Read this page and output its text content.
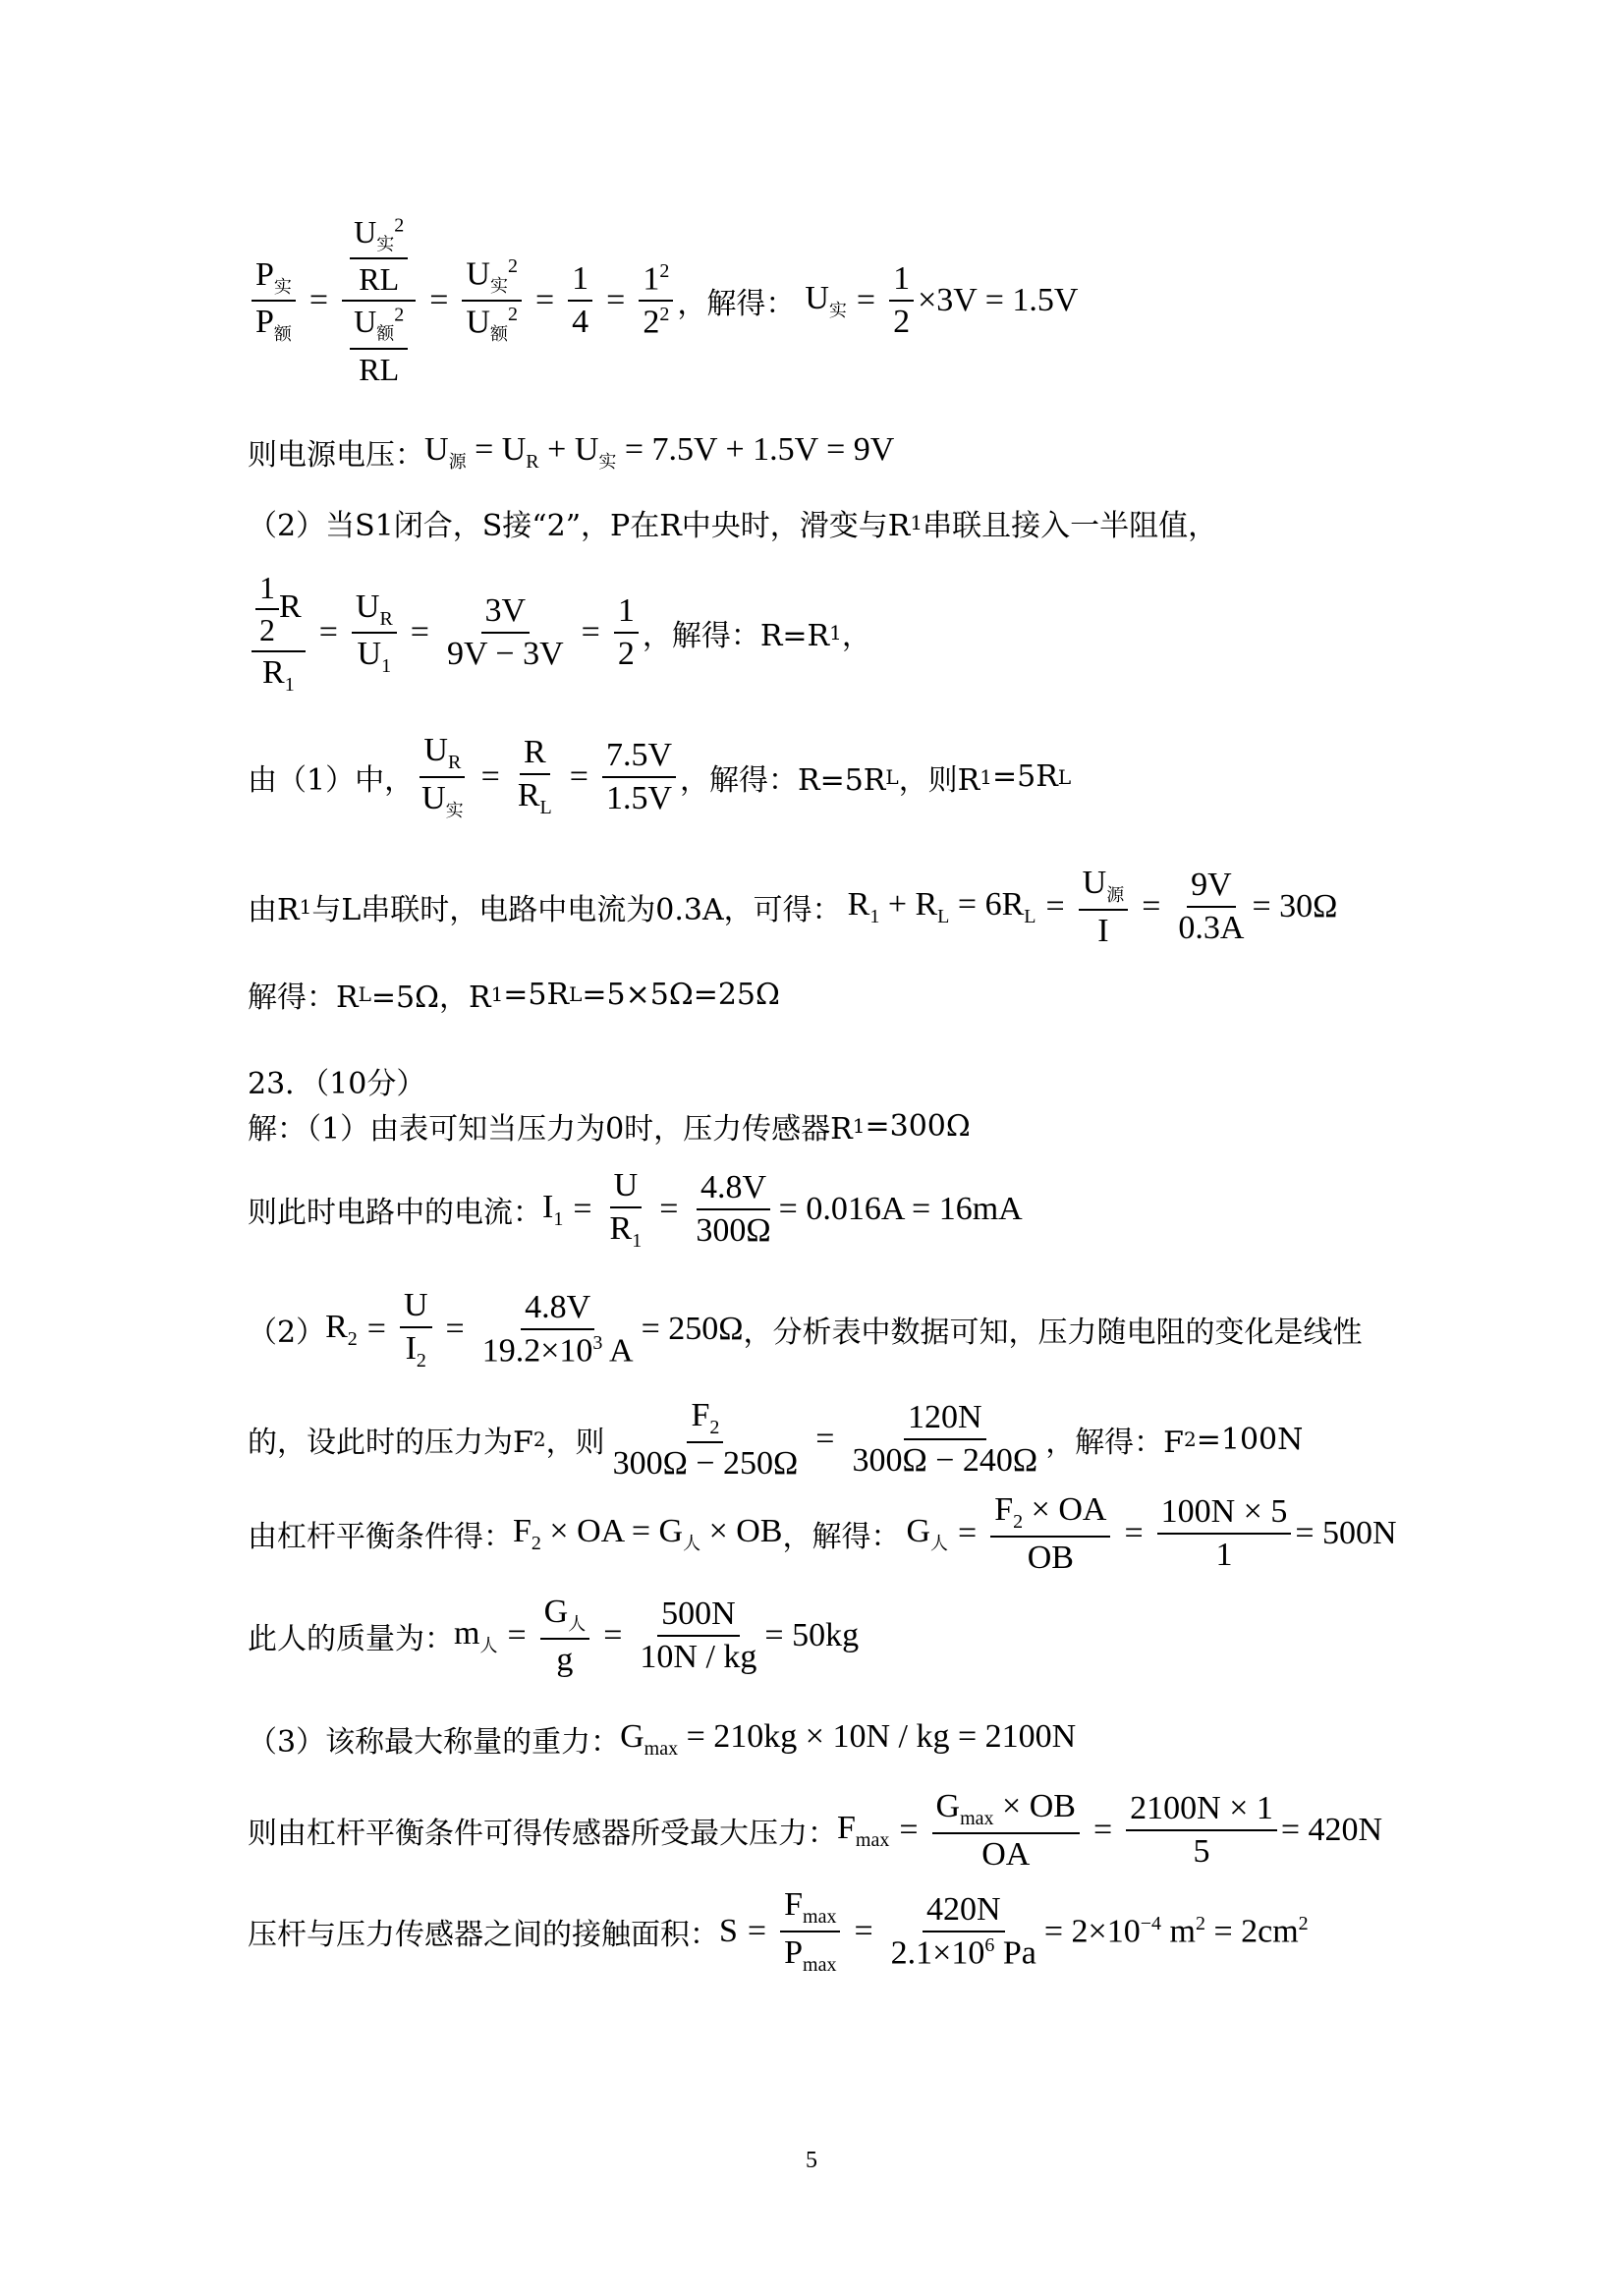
$\frac{P_实}{P_额} = \frac{\frac{U_实^2}{RL}}{\frac{U_额^2}{RL}} = \frac{U_实^2}{U_额^2} = \frac{1}{4} = \frac{1^2}{2^2}$ ，解得： $U_实 = \frac{1}{2} \times 3V = 1.5V$
则电源电压： $U_源 = U_R + U_实 = 7.5V + 1.5V = 9V$
（2）当S1闭合，S接“2”，P在R中央时，滑变与R 1 串联且接入一半阻值，
$\frac{\frac{1}{2} R}{R_1} = \frac{U_R}{U_1} = \frac{3V}{9V - 3V} = \frac{1}{2}$ ，解得：R=R 1 ，
由（1）中， $\frac{U_R}{U_实} = \frac{R}{R_L} = \frac{7.5V}{1.5V}$ ，解得：R=5R L ，则R 1 =5R L
由R 1 与L串联时，电路中电流为0.3A，可得： $R_1 + R_L = 6R_L = \frac{U_源}{I} = \frac{9V}{0.3A} = 30\Omega$
解得：R L =5Ω，R 1 =5R L =5×5Ω=25Ω
23．（10分）
解：（1）由表可知当压力为0时，压力传感器R 1 =300Ω
则此时电路中的电流： $I_1 = \frac{U}{R_1} = \frac{4.8V}{300\Omega} = 0.016A = 16mA$
（2） $R_2 = \frac{U}{I_2} = \frac{4.8V}{19.2\times 10^3 A} = 250\Omega$ ，分析表中数据可知，压力随电阻的变化是线性
的，设此时的压力为F 2 ，则 $\frac{F_2}{300\Omega - 250\Omega} = \frac{120N}{300\Omega - 240\Omega}$ ，解得：F 2 =100N
由杠杆平衡条件得： $F_2$ × OA = $G_人$ × OB ，解得： $G_人 = \frac{F_2 \times OA}{OB} = \frac{100N \times 5}{1} = 500N$
此人的质量为： $m_人 = \frac{G_人}{g} = \frac{500N}{10N / kg} = 50kg$
（3）该称最大称量的重力： $G_{max} = 210kg \times 10N$ / kg = 2100N
则由杠杆平衡条件可得传感器所受最大压力： $F_{max} = \frac{G_{max} \times OB}{OA} = \frac{2100N \times 1}{5} = 420N$
压杆与压力传感器之间的接触面积： $S = \frac{F_{max}}{P_{max}} = \frac{420N}{2.1\times 10^6 Pa} = 2\times 10^{-4}$ $m^2 = 2cm^2$
5
